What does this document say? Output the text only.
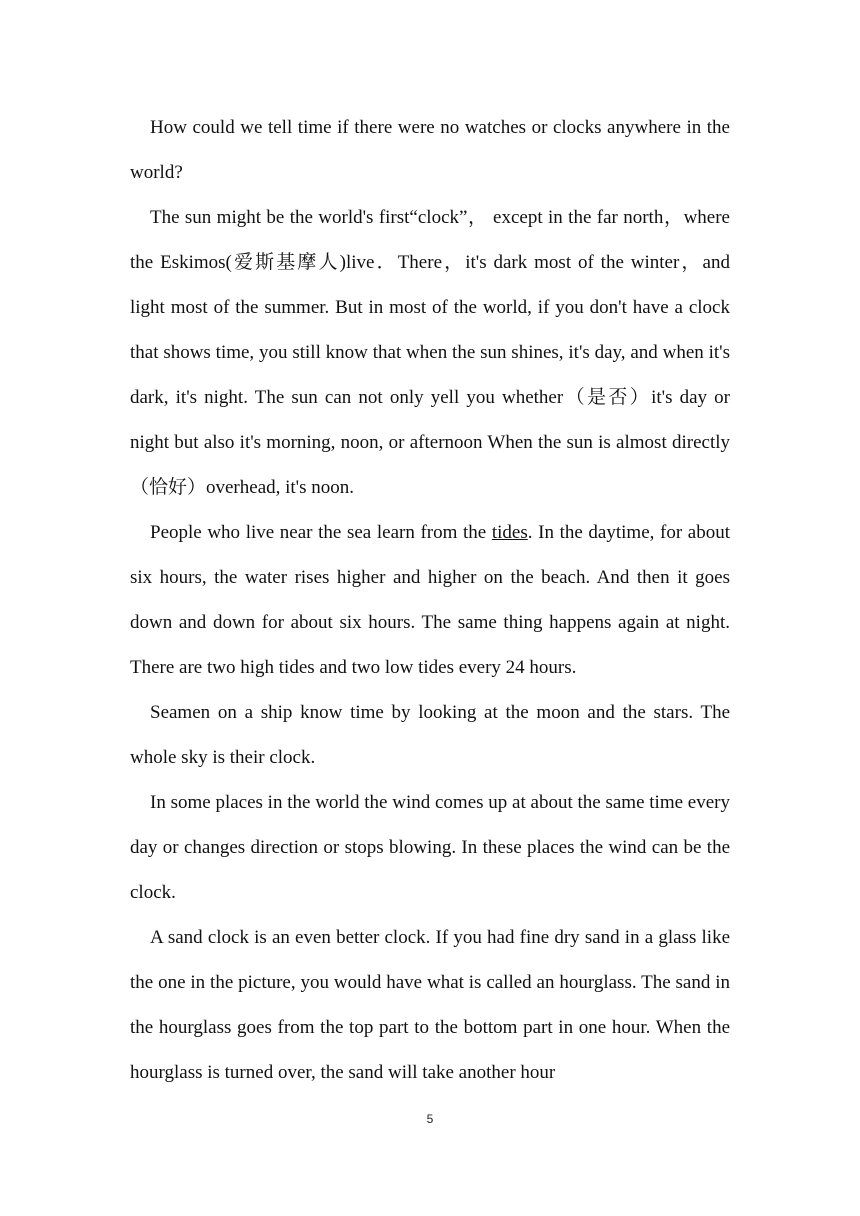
How could we tell time if there were no watches or clocks anywhere in the world?

The sun might be the world's first“clock”， except in the far north，where the Eskimos(爱斯基摩人)live．There，it's dark most of the winter，and light most of the summer. But in most of the world, if you don't have a clock that shows time, you still know that when the sun shines, it's day, and when it's dark, it's night. The sun can not only yell you whether（是否）it's day or night but also it's morning, noon, or afternoon When the sun is almost directly（恰好）overhead, it's noon.

People who live near the sea learn from the tides. In the daytime, for about six hours, the water rises higher and higher on the beach. And then it goes down and down for about six hours. The same thing happens again at night. There are two high tides and two low tides every 24 hours.

Seamen on a ship know time by looking at the moon and the stars. The whole sky is their clock.

In some places in the world the wind comes up at about the same time every day or changes direction or stops blowing. In these places the wind can be the clock.

A sand clock is an even better clock. If you had fine dry sand in a glass like the one in the picture, you would have what is called an hourglass. The sand in the hourglass goes from the top part to the bottom part in one hour. When the hourglass is turned over, the sand will take another hour

5
